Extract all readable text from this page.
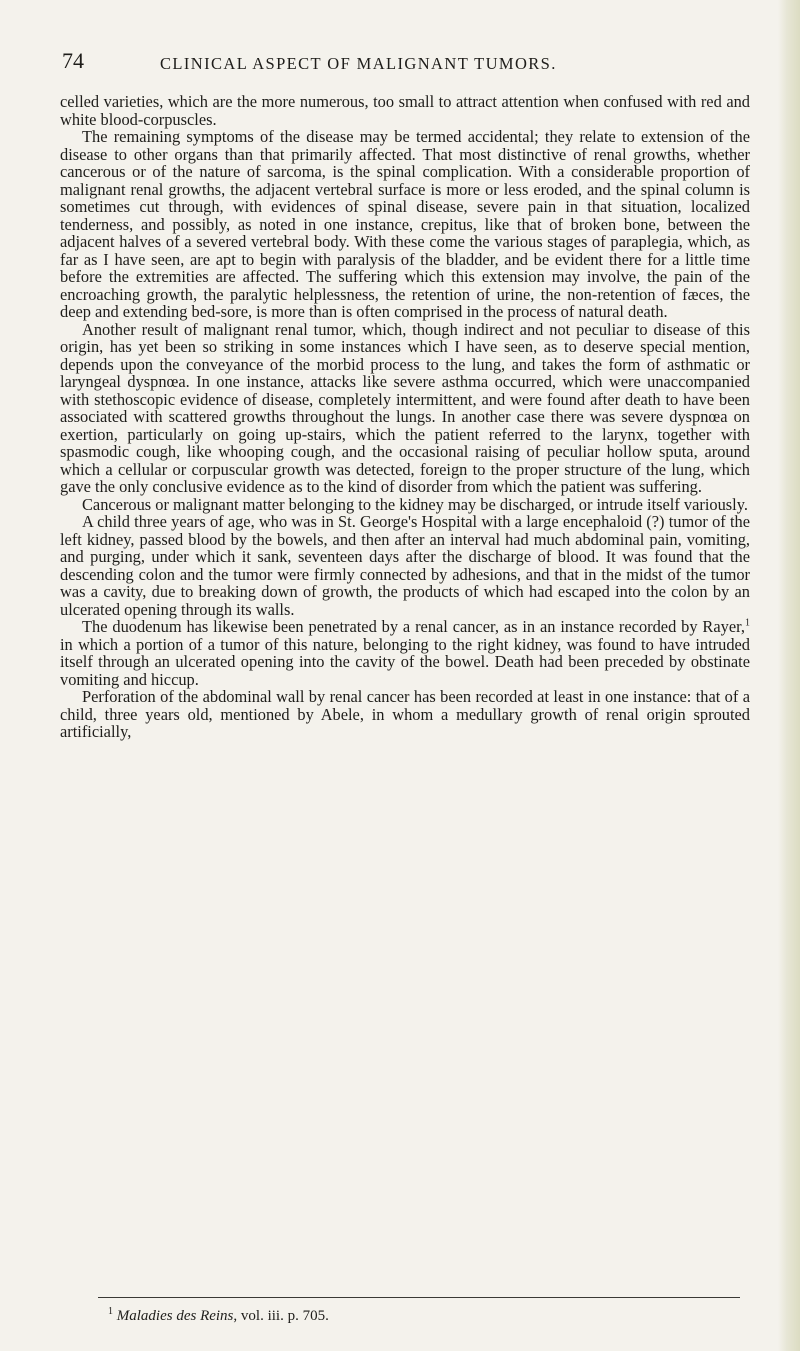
74	CLINICAL ASPECT OF MALIGNANT TUMORS.

celled varieties, which are the more numerous, too small to attract attention when confused with red and white blood-corpuscles.

The remaining symptoms of the disease may be termed accidental; they relate to extension of the disease to other organs than that primarily affected. That most distinctive of renal growths, whether cancerous or of the nature of sarcoma, is the spinal complication. With a considerable proportion of malignant renal growths, the adjacent vertebral surface is more or less eroded, and the spinal column is sometimes cut through, with evidences of spinal disease, severe pain in that situation, localized tenderness, and possibly, as noted in one instance, crepitus, like that of broken bone, between the adjacent halves of a severed vertebral body. With these come the various stages of paraplegia, which, as far as I have seen, are apt to begin with paralysis of the bladder, and be evident there for a little time before the extremities are affected. The suffering which this extension may involve, the pain of the encroaching growth, the paralytic helplessness, the retention of urine, the non-retention of fæces, the deep and extending bed-sore, is more than is often comprised in the process of natural death.

Another result of malignant renal tumor, which, though indirect and not peculiar to disease of this origin, has yet been so striking in some instances which I have seen, as to deserve special mention, depends upon the conveyance of the morbid process to the lung, and takes the form of asthmatic or laryngeal dyspnœa. In one instance, attacks like severe asthma occurred, which were unaccompanied with stethoscopic evidence of disease, completely intermittent, and were found after death to have been associated with scattered growths throughout the lungs. In another case there was severe dyspnœa on exertion, particularly on going up-stairs, which the patient referred to the larynx, together with spasmodic cough, like whooping cough, and the occasional raising of peculiar hollow sputa, around which a cellular or corpuscular growth was detected, foreign to the proper structure of the lung, which gave the only conclusive evidence as to the kind of disorder from which the patient was suffering.

Cancerous or malignant matter belonging to the kidney may be discharged, or intrude itself variously.

A child three years of age, who was in St. George's Hospital with a large encephaloid (?) tumor of the left kidney, passed blood by the bowels, and then after an interval had much abdominal pain, vomiting, and purging, under which it sank, seventeen days after the discharge of blood. It was found that the descending colon and the tumor were firmly connected by adhesions, and that in the midst of the tumor was a cavity, due to breaking down of growth, the products of which had escaped into the colon by an ulcerated opening through its walls.

The duodenum has likewise been penetrated by a renal cancer, as in an instance recorded by Rayer,$^1$ in which a portion of a tumor of this nature, belonging to the right kidney, was found to have intruded itself through an ulcerated opening into the cavity of the bowel. Death had been preceded by obstinate vomiting and hiccup.

Perforation of the abdominal wall by renal cancer has been recorded at least in one instance: that of a child, three years old, mentioned by Abele, in whom a medullary growth of renal origin sprouted artificially,

$^1$ Maladies des Reins, vol. iii. p. 705.
